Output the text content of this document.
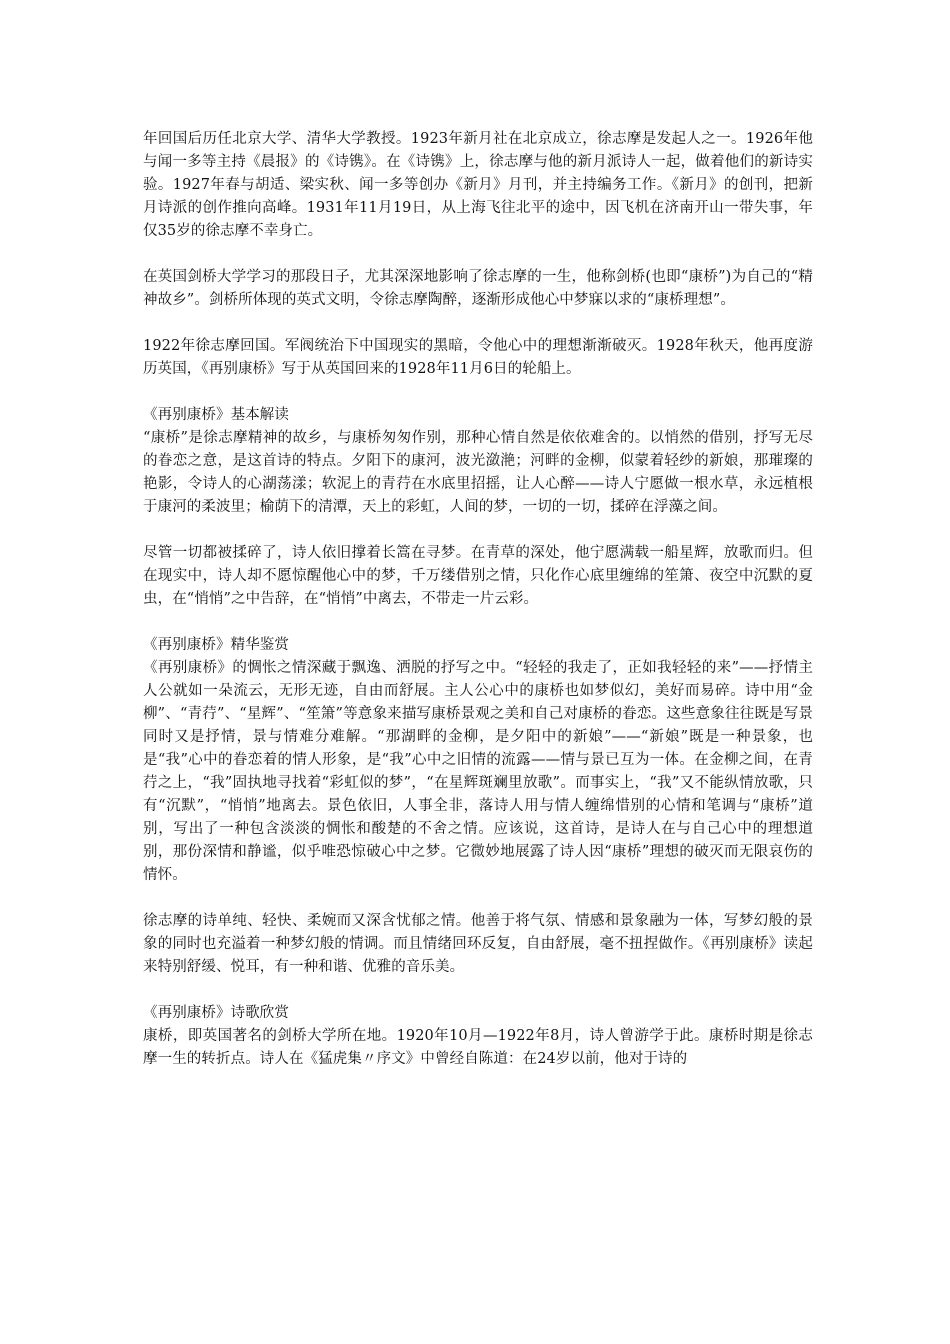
年回国后历任北京大学、清华大学教授。1923年新月社在北京成立，徐志摩是发起人之一。1926年他与闻一多等主持《晨报》的《诗镌》。在《诗镌》上，徐志摩与他的新月派诗人一起，做着他们的新诗实验。1927年春与胡适、梁实秋、闻一多等创办《新月》月刊，并主持编务工作。《新月》的创刊，把新月诗派的创作推向高峰。1931年11月19日，从上海飞往北平的途中，因飞机在济南开山一带失事，年仅35岁的徐志摩不幸身亡。

在英国剑桥大学学习的那段日子，尤其深深地影响了徐志摩的一生，他称剑桥(也即“康桥”)为自己的“精神故乡”。剑桥所体现的英式文明，令徐志摩陶醉，逐渐形成他心中梦寐以求的“康桥理想”。

1922年徐志摩回国。军阀统治下中国现实的黑暗，令他心中的理想渐渐破灭。1928年秋天，他再度游历英国，《再别康桥》写于从英国回来的1928年11月6日的轮船上。

《再别康桥》基本解读

“康桥”是徐志摩精神的故乡，与康桥匆匆作别，那种心情自然是依依难舍的。以悄然的借别，抒写无尽的眷恋之意，是这首诗的特点。夕阳下的康河，波光潋滟；河畔的金柳，似蒙着轻纱的新娘，那璀璨的艳影，令诗人的心湖荡漾；软泥上的青荇在水底里招摇，让人心醉——诗人宁愿做一根水草，永远植根于康河的柔波里；榆荫下的清潭，天上的彩虹，人间的梦，一切的一切，揉碎在浮藻之间。

尽管一切都被揉碎了，诗人依旧撑着长篙在寻梦。在青草的深处，他宁愿满载一船星辉，放歌而归。但在现实中，诗人却不愿惊醒他心中的梦，千万缕借别之情，只化作心底里缠绵的笙箫、夜空中沉默的夏虫，在“悄悄”之中告辞，在“悄悄”中离去，不带走一片云彩。

《再别康桥》精华鉴赏

《再别康桥》的惆怅之情深藏于飘逸、洒脱的抒写之中。“轻轻的我走了，正如我轻轻的来”——抒情主人公就如一朵流云，无形无迹，自由而舒展。主人公心中的康桥也如梦似幻，美好而易碎。诗中用“金柳”、“青荇”、“星辉”、“笙箫”等意象来描写康桥景观之美和自己对康桥的眷恋。这些意象往往既是写景同时又是抒情，景与情难分难解。“那湖畔的金柳，是夕阳中的新娘”——“新娘”既是一种景象，也是“我”心中的眷恋着的情人形象，是“我”心中之旧情的流露——情与景已互为一体。在金柳之间，在青荇之上，“我”固执地寻找着“彩虹似的梦”，“在星辉斑斓里放歌”。而事实上，“我”又不能纵情放歌，只有“沉默”，“悄悄”地离去。景色依旧，人事全非，落诗人用与情人缠绵惜别的心情和笔调与“康桥”道别，写出了一种包含淡淡的惆怅和酸楚的不舍之情。应该说，这首诗，是诗人在与自己心中的理想道别，那份深情和静谧，似乎唯恐惊破心中之梦。它微妙地展露了诗人因“康桥”理想的破灭而无限哀伤的情怀。

徐志摩的诗单纯、轻快、柔婉而又深含忧郁之情。他善于将气氛、情感和景象融为一体，写梦幻般的景象的同时也充溢着一种梦幻般的情调。而且情绪回环反复，自由舒展，毫不扭捏做作。《再别康桥》读起来特别舒缓、悦耳，有一种和谐、优雅的音乐美。

《再别康桥》诗歌欣赏

康桥，即英国著名的剑桥大学所在地。1920年10月—1922年8月，诗人曾游学于此。康桥时期是徐志摩一生的转折点。诗人在《猛虎集〃序文》中曾经自陈道：在24岁以前，他对于诗的
